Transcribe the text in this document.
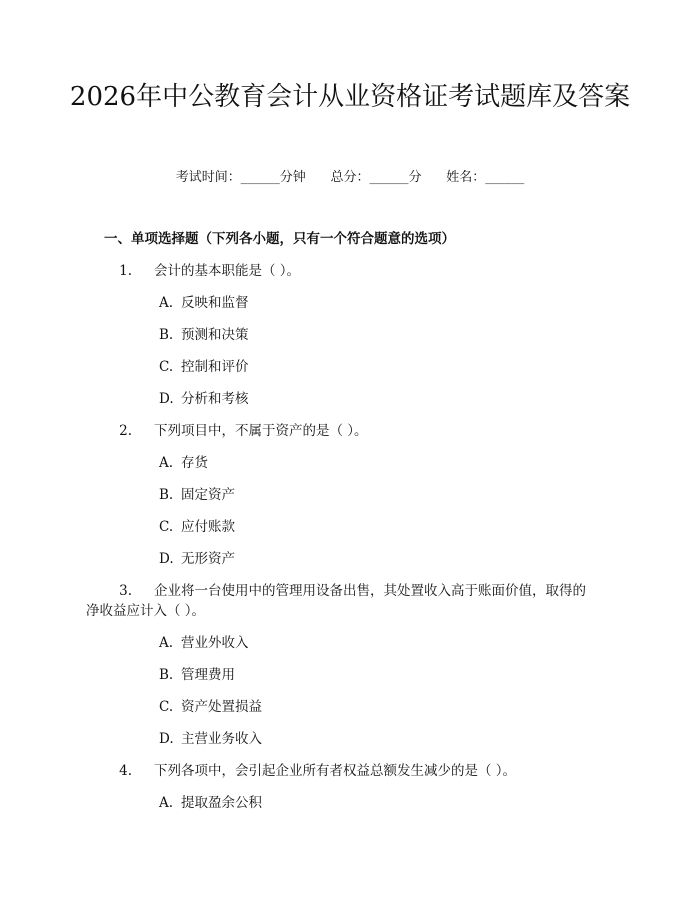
2026年中公教育会计从业资格证考试题库及答案
考试时间：______分钟      总分：______分      姓名：______
一、单项选择题（下列各小题，只有一个符合题意的选项）
1. 会计的基本职能是（ ）。
A. 反映和监督
B. 预测和决策
C. 控制和评价
D. 分析和考核
2. 下列项目中，不属于资产的是（ ）。
A. 存货
B. 固定资产
C. 应付账款
D. 无形资产
3. 企业将一台使用中的管理用设备出售，其处置收入高于账面价值，取得的
净收益应计入（ ）。
A. 营业外收入
B. 管理费用
C. 资产处置损益
D. 主营业务收入
4. 下列各项中，会引起企业所有者权益总额发生减少的是（ ）。
A. 提取盈余公积
